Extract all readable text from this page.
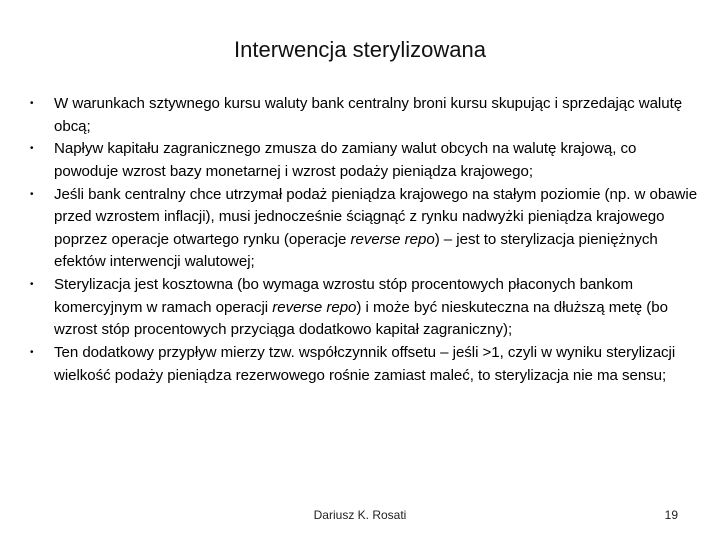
Interwencja sterylizowana
• W warunkach sztywnego kursu waluty bank centralny broni kursu skupując i sprzedając walutę obcą;
• Napływ kapitału zagranicznego zmusza do zamiany walut obcych na walutę krajową, co powoduje wzrost bazy monetarnej i wzrost podaży pieniądza krajowego;
• Jeśli bank centralny chce utrzymał podaż pieniądza krajowego na stałym poziomie (np. w obawie przed wzrostem inflacji), musi jednocześnie ściągnąć z rynku nadwyżki pieniądza krajowego poprzez operacje otwartego rynku (operacje reverse repo) – jest to sterylizacja pieniężnych efektów interwencji walutowej;
• Sterylizacja jest kosztowna (bo wymaga wzrostu stóp procentowych płaconych bankom komercyjnym w ramach operacji reverse repo) i może być nieskuteczna na dłuższą metę (bo wzrost stóp procentowych przyciąga dodatkowo kapitał zagraniczny);
• Ten dodatkowy przypływ mierzy tzw. współczynnik offsetu – jeśli >1, czyli w wyniku sterylizacji wielkość podaży pieniądza rezerwowego rośnie zamiast maleć, to sterylizacja nie ma sensu;
Dariusz K. Rosati	19
